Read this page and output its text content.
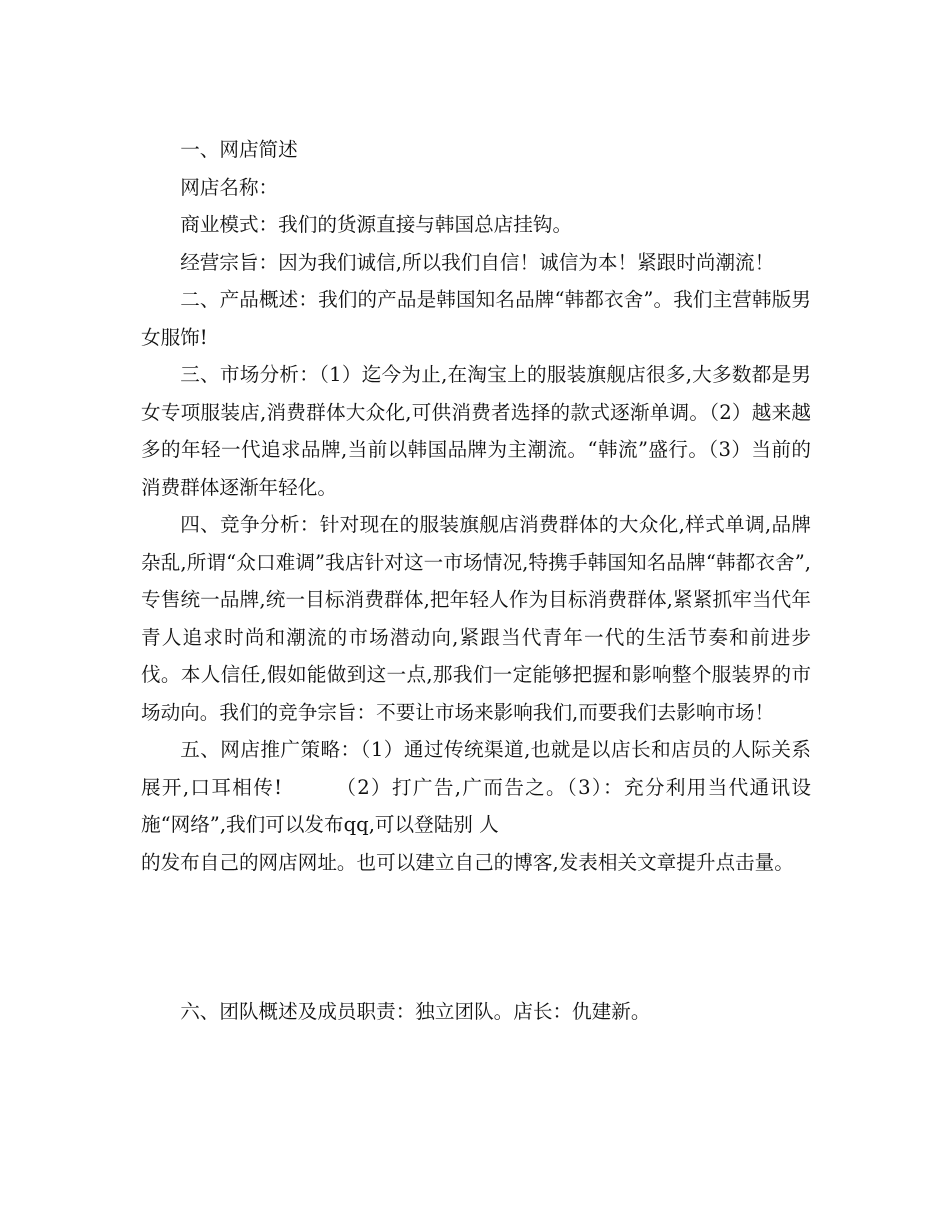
一、网店简述

网店名称：

商业模式：我们的货源直接与韩国总店挂钩。

经营宗旨：因为我们诚信,所以我们自信！诚信为本！紧跟时尚潮流！

二、产品概述：我们的产品是韩国知名品牌“韩都衣舍”。我们主营韩版男女服饰!

三、市场分析：（1）迄今为止,在淘宝上的服装旗舰店很多,大多数都是男女专项服装店,消费群体大众化,可供消费者选择的款式逐渐单调。（2）越来越多的年轻一代追求品牌,当前以韩国品牌为主潮流。“韩流”盛行。（3）当前的消费群体逐渐年轻化。

四、竞争分析：针对现在的服装旗舰店消费群体的大众化,样式单调,品牌杂乱,所谓“众口难调”我店针对这一市场情况,特携手韩国知名品牌“韩都衣舍”,专售统一品牌,统一目标消费群体,把年轻人作为目标消费群体,紧紧抓牢当代年青人追求时尚和潮流的市场潜动向,紧跟当代青年一代的生活节奏和前进步伐。本人信任,假如能做到这一点,那我们一定能够把握和影响整个服装界的市场动向。我们的竞争宗旨：不要让市场来影响我们,而要我们去影响市场！

五、网店推广策略：（1）通过传统渠道,也就是以店长和店员的人际关系展开,口耳相传!　　　（2）打广告,广而告之。（3）：充分利用当代通讯设施“网络”,我们可以发布qq,可以登陆别 人

的发布自己的网店网址。也可以建立自己的博客,发表相关文章提升点击量。

六、团队概述及成员职责：独立团队。店长：仇建新。
